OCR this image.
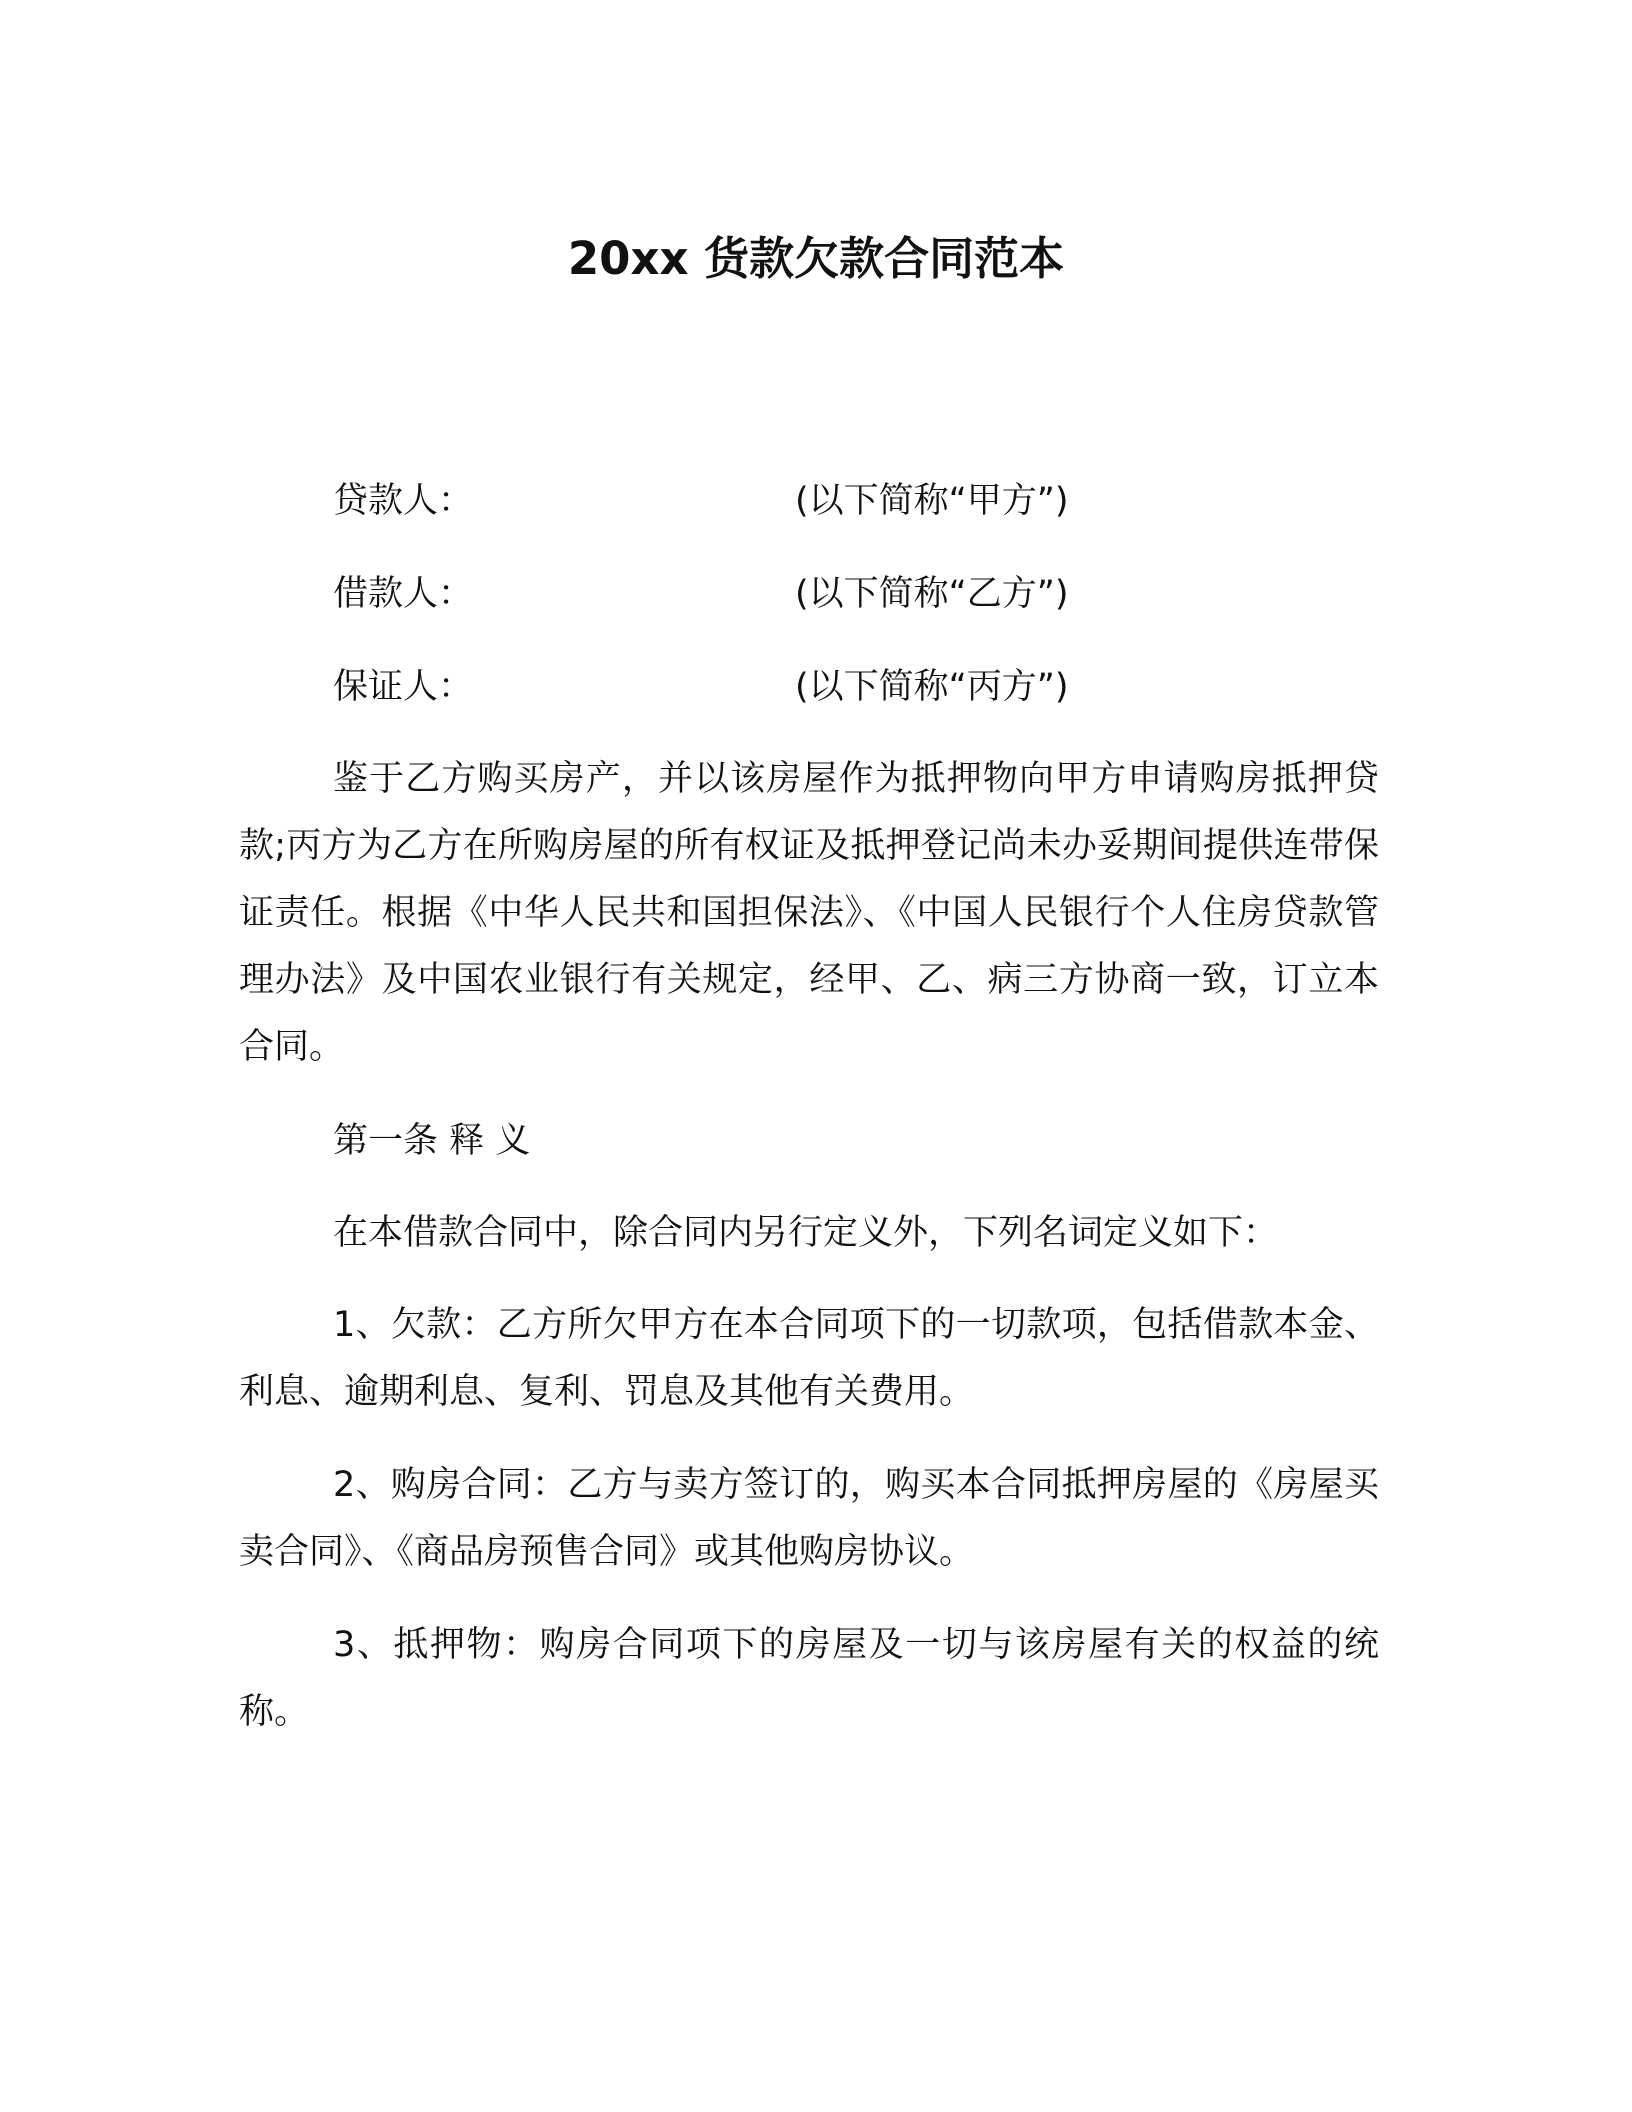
20xx 货款欠款合同范本
贷款人：	(以下简称“甲方”)
借款人：	(以下简称“乙方”)
保证人：	(以下简称“丙方”)

鉴于乙方购买房产，并以该房屋作为抵押物向甲方申请购房抵押贷款;丙方为乙方在所购房屋的所有权证及抵押登记尚未办妥期间提供连带保证责任。根据《中华人民共和国担保法》、《中国人民银行个人住房贷款管理办法》及中国农业银行有关规定，经甲、乙、病三方协商一致，订立本合同。

第一条 释 义

在本借款合同中，除合同内另行定义外，下列名词定义如下：

1、欠款：乙方所欠甲方在本合同项下的一切款项，包括借款本金、利息、逾期利息、复利、罚息及其他有关费用。

2、购房合同：乙方与卖方签订的，购买本合同抵押房屋的《房屋买卖合同》、《商品房预售合同》或其他购房协议。

3、抵押物：购房合同项下的房屋及一切与该房屋有关的权益的统称。
